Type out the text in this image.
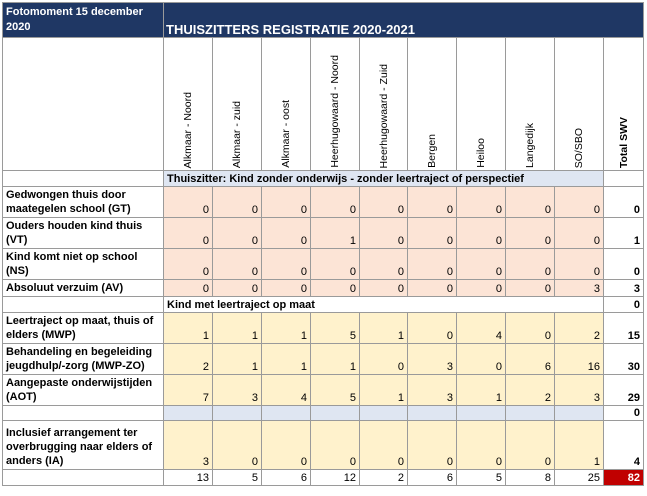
Fotomoment 15 december
2020	THUISZITTERS REGISTRATIE 2020-2021									

	Alkmaar - Noord	Alkmaar - zuid	Alkmaar - oost	Heerhugowaard - Noord	Heerhugowaard - Zuid	Bergen	Heiloo	Langedijk	SO/SBO	Total SWV

	Thuiszitter: Kind zonder onderwijs - zonder leertraject of perspectief									
Gedwongen thuis door maategelen school (GT)	0	0	0	0	0	0	0	0	0	0
Ouders houden kind thuis (VT)	0	0	0	1	0	0	0	0	0	1
Kind komt niet op school (NS)	0	0	0	0	0	0	0	0	0	0
Absoluut verzuim (AV)	0	0	0	0	0	0	0	0	3	3
	Kind met leertraject op maat									0
Leertraject op maat, thuis of elders (MWP)	1	1	1	5	1	0	4	0	2	15
Behandeling en begeleiding jeugdhulp/-zorg (MWP-ZO)	2	1	1	1	0	3	0	6	16	30
Aangepaste onderwijstijden (AOT)	7	3	4	5	1	3	1	2	3	29
										0
Inclusief arrangement ter overbrugging naar elders of anders (IA)	3	0	0	0	0	0	0	0	1	4
	13	5	6	12	2	6	5	8	25	82
